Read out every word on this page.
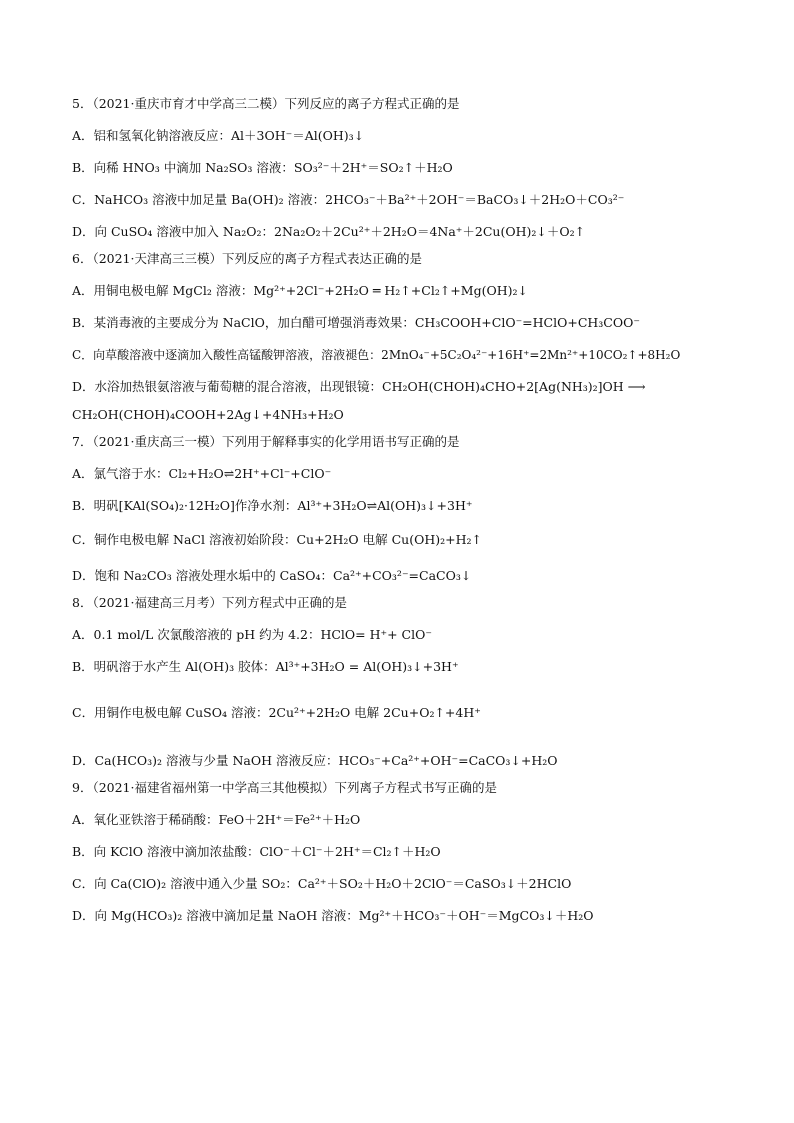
5．（2021·重庆市育才中学高三二模）下列反应的离子方程式正确的是
A．铝和氢氧化钠溶液反应：Al＋3OH⁻＝Al(OH)₃↓
B．向稀 HNO₃ 中滴加 Na₂SO₃ 溶液：SO₃²⁻＋2H⁺＝SO₂↑＋H₂O
C．NaHCO₃ 溶液中加足量 Ba(OH)₂ 溶液：2HCO₃⁻＋Ba²⁺＋2OH⁻＝BaCO₃↓＋2H₂O＋CO₃²⁻
D．向 CuSO₄ 溶液中加入 Na₂O₂：2Na₂O₂＋2Cu²⁺＋2H₂O＝4Na⁺＋2Cu(OH)₂↓＋O₂↑
6．（2021·天津高三三模）下列反应的离子方程式表达正确的是
A．用铜电极电解 MgCl₂ 溶液：Mg²⁺+2Cl⁻+2H₂O ═ H₂↑+Cl₂↑+Mg(OH)₂↓
B．某消毒液的主要成分为 NaClO，加白醋可增强消毒效果：CH₃COOH+ClO⁻=HClO+CH₃COO⁻
C．向草酸溶液中逐滴加入酸性高锰酸钾溶液，溶液褪色：2MnO₄⁻+5C₂O₄²⁻+16H⁺=2Mn²⁺+10CO₂↑+8H₂O
D．水浴加热银氨溶液与葡萄糖的混合溶液，出现银镜：CH₂OH(CHOH)₄CHO+2[Ag(NH₃)₂]OH ⟶
CH₂OH(CHOH)₄COOH+2Ag↓+4NH₃+H₂O
7．（2021·重庆高三一模）下列用于解释事实的化学用语书写正确的是
A．氯气溶于水：Cl₂+H₂O⇌2H⁺+Cl⁻+ClO⁻
B．明矾[KAl(SO₄)₂·12H₂O]作净水剂：Al³⁺+3H₂O⇌Al(OH)₃↓+3H⁺
C．铜作电极电解 NaCl 溶液初始阶段：Cu+2H₂O 电解 Cu(OH)₂+H₂↑
D．饱和 Na₂CO₃ 溶液处理水垢中的 CaSO₄：Ca²⁺+CO₃²⁻=CaCO₃↓
8．（2021·福建高三月考）下列方程式中正确的是
A．0.1 mol/L 次氯酸溶液的 pH 约为 4.2：HClO= H⁺+ ClO⁻
B．明矾溶于水产生 Al(OH)₃ 胶体：Al³⁺+3H₂O = Al(OH)₃↓+3H⁺
C．用铜作电极电解 CuSO₄ 溶液：2Cu²⁺+2H₂O 电解 2Cu+O₂↑+4H⁺
D．Ca(HCO₃)₂ 溶液与少量 NaOH 溶液反应：HCO₃⁻+Ca²⁺+OH⁻=CaCO₃↓+H₂O
9．（2021·福建省福州第一中学高三其他模拟）下列离子方程式书写正确的是
A．氧化亚铁溶于稀硝酸：FeO＋2H⁺＝Fe²⁺＋H₂O
B．向 KClO 溶液中滴加浓盐酸：ClO⁻＋Cl⁻＋2H⁺＝Cl₂↑＋H₂O
C．向 Ca(ClO)₂ 溶液中通入少量 SO₂：Ca²⁺＋SO₂＋H₂O＋2ClO⁻＝CaSO₃↓＋2HClO
D．向 Mg(HCO₃)₂ 溶液中滴加足量 NaOH 溶液：Mg²⁺＋HCO₃⁻＋OH⁻＝MgCO₃↓＋H₂O
